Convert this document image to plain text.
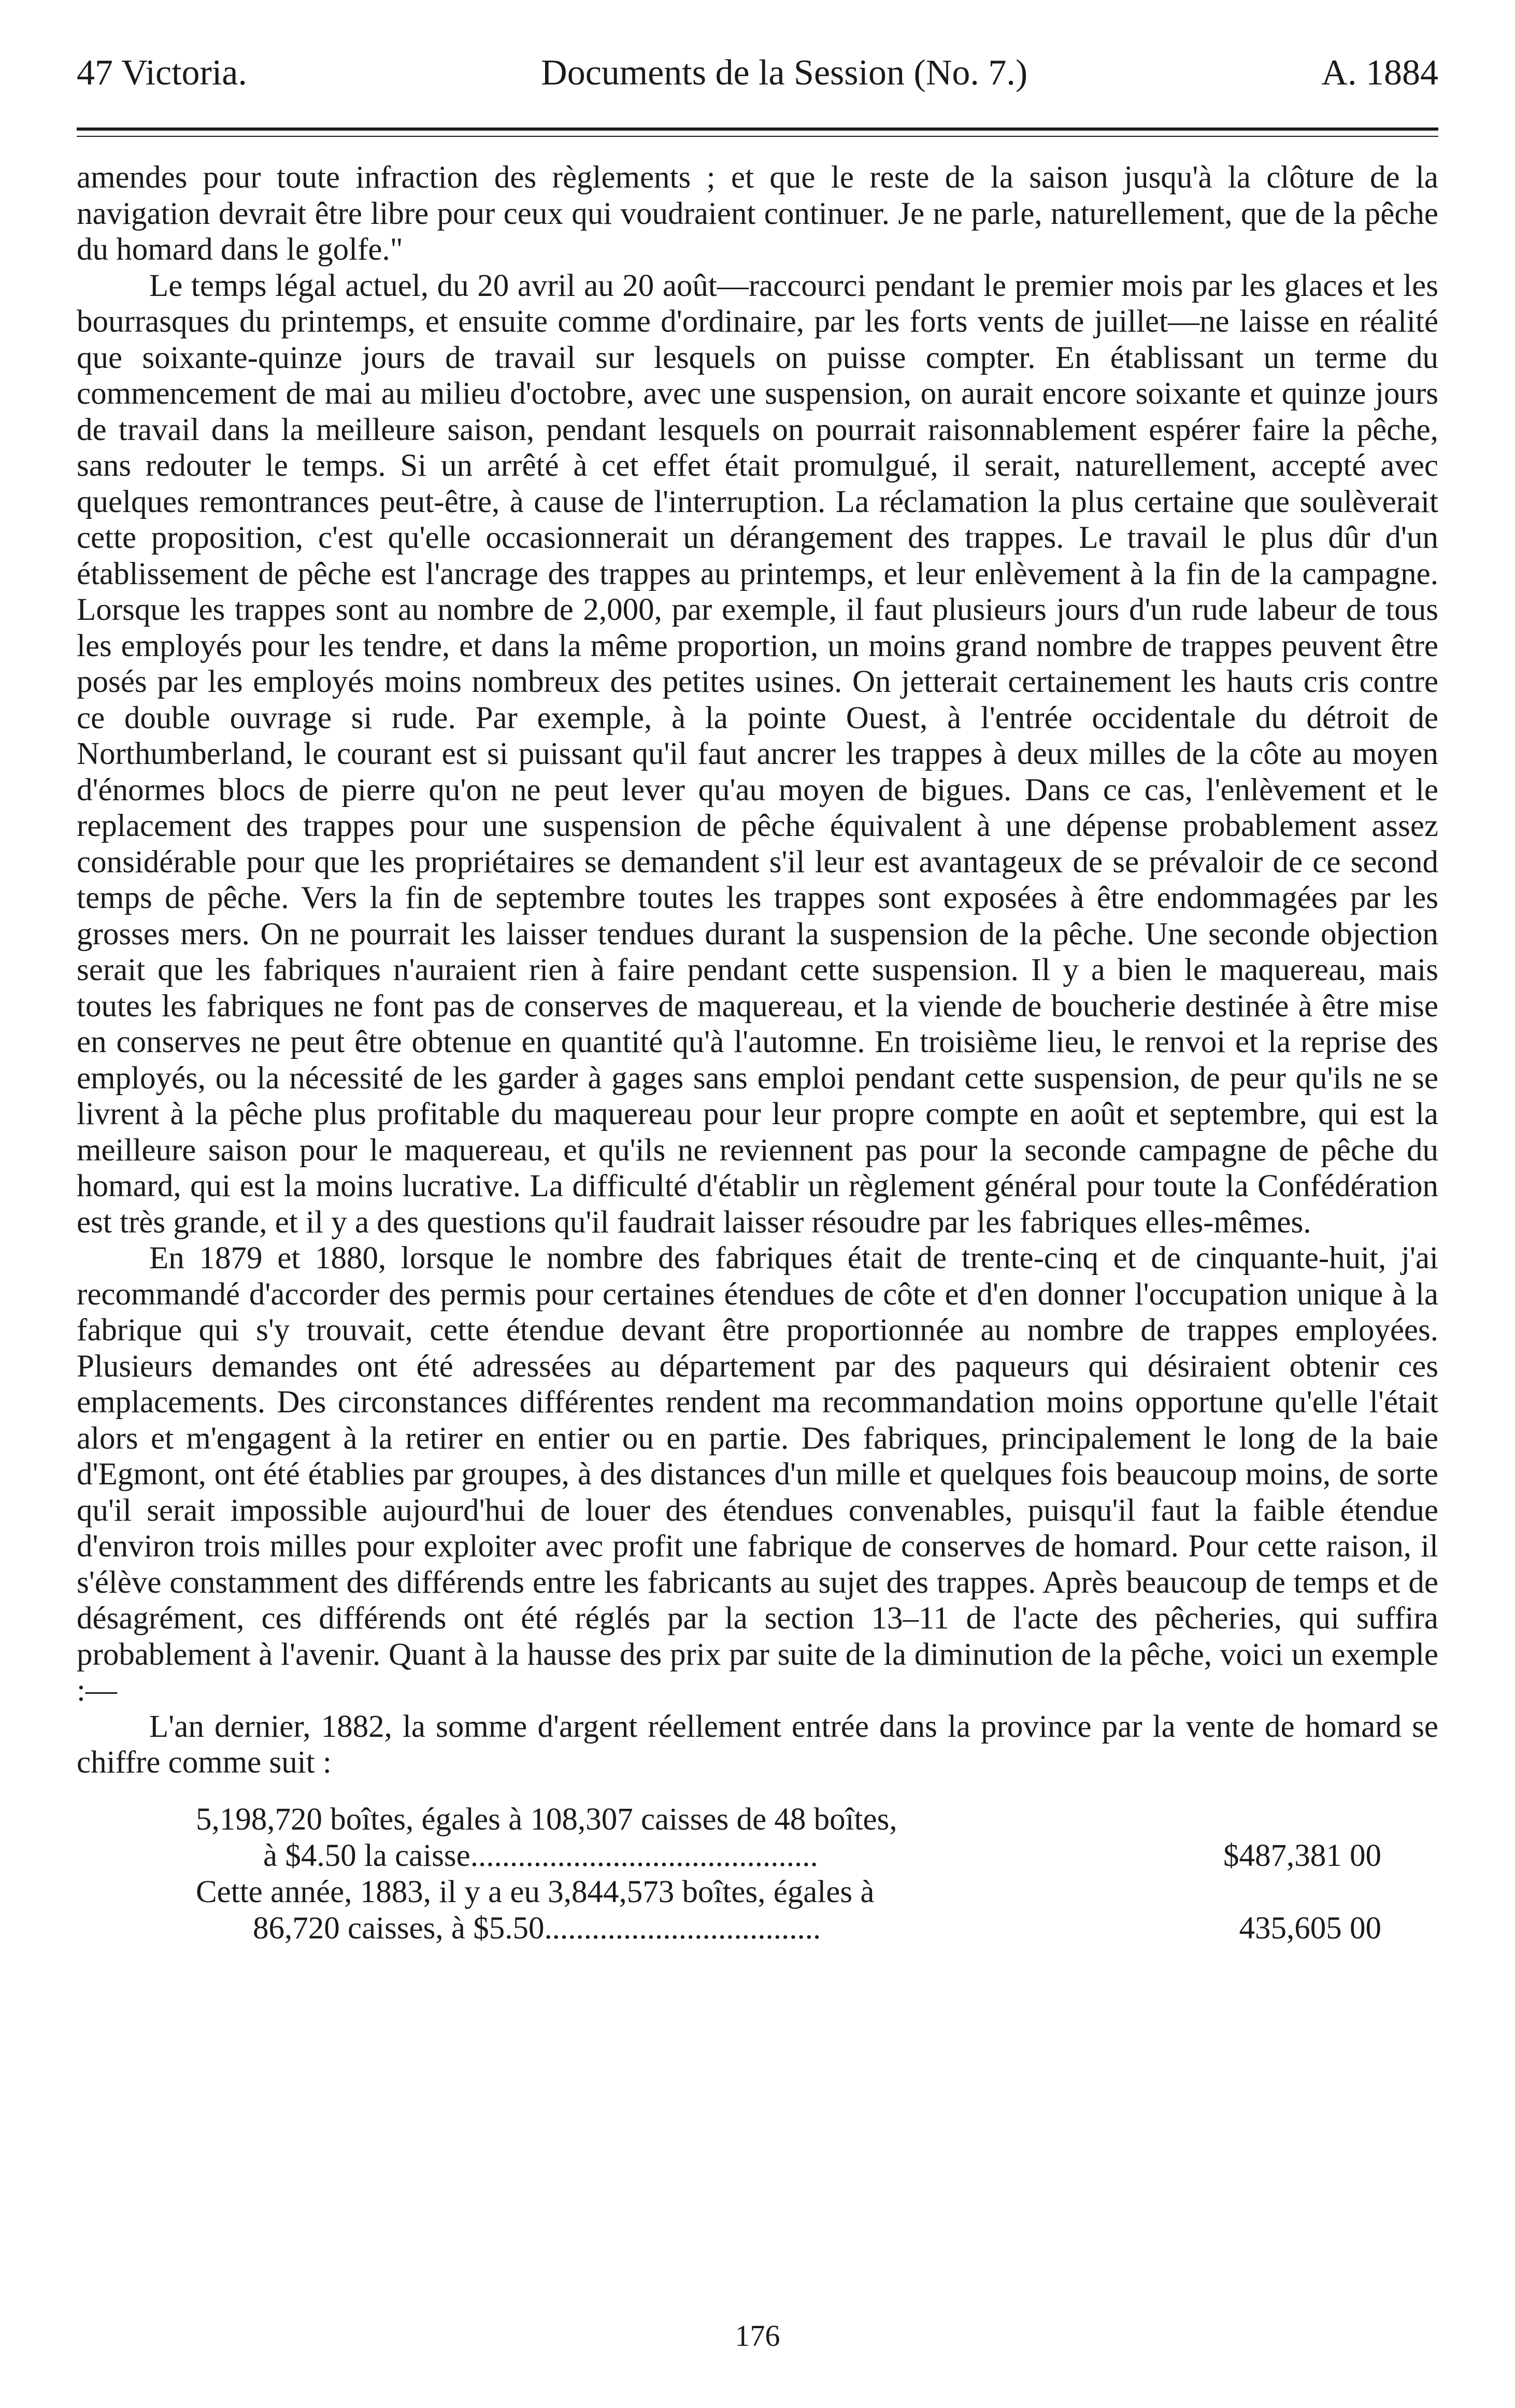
47 Victoria.	Documents de la Session (No. 7.)	A. 1884

amendes pour toute infraction des règlements ; et que le reste de la saison jusqu'à la clôture de la navigation devrait être libre pour ceux qui voudraient continuer. Je ne parle, naturellement, que de la pêche du homard dans le golfe."

Le temps légal actuel, du 20 avril au 20 août—raccourci pendant le premier mois par les glaces et les bourrasques du printemps, et ensuite comme d'ordinaire, par les forts vents de juillet—ne laisse en réalité que soixante-quinze jours de travail sur lesquels on puisse compter. En établissant un terme du commencement de mai au milieu d'octobre, avec une suspension, on aurait encore soixante et quinze jours de travail dans la meilleure saison, pendant lesquels on pourrait raisonnablement espérer faire la pêche, sans redouter le temps. Si un arrêté à cet effet était promulgué, il serait, naturellement, accepté avec quelques remontrances peut-être, à cause de l'interruption. La réclamation la plus certaine que soulèverait cette proposition, c'est qu'elle occasionnerait un dérangement des trappes. Le travail le plus dûr d'un établissement de pêche est l'ancrage des trappes au printemps, et leur enlèvement à la fin de la campagne. Lorsque les trappes sont au nombre de 2,000, par exemple, il faut plusieurs jours d'un rude labeur de tous les employés pour les tendre, et dans la même proportion, un moins grand nombre de trappes peuvent être posés par les employés moins nombreux des petites usines. On jetterait certainement les hauts cris contre ce double ouvrage si rude. Par exemple, à la pointe Ouest, à l'entrée occidentale du détroit de Northumberland, le courant est si puissant qu'il faut ancrer les trappes à deux milles de la côte au moyen d'énormes blocs de pierre qu'on ne peut lever qu'au moyen de bigues. Dans ce cas, l'enlèvement et le replacement des trappes pour une suspension de pêche équivalent à une dépense probablement assez considérable pour que les propriétaires se demandent s'il leur est avantageux de se prévaloir de ce second temps de pêche. Vers la fin de septembre toutes les trappes sont exposées à être endommagées par les grosses mers. On ne pourrait les laisser tendues durant la suspension de la pêche. Une seconde objection serait que les fabriques n'auraient rien à faire pendant cette suspension. Il y a bien le maquereau, mais toutes les fabriques ne font pas de conserves de maquereau, et la viende de boucherie destinée à être mise en conserves ne peut être obtenue en quantité qu'à l'automne. En troisième lieu, le renvoi et la reprise des employés, ou la nécessité de les garder à gages sans emploi pendant cette suspension, de peur qu'ils ne se livrent à la pêche plus profitable du maquereau pour leur propre compte en août et septembre, qui est la meilleure saison pour le maquereau, et qu'ils ne reviennent pas pour la seconde campagne de pêche du homard, qui est la moins lucrative. La difficulté d'établir un règlement général pour toute la Confédération est très grande, et il y a des questions qu'il faudrait laisser résoudre par les fabriques elles-mêmes.

En 1879 et 1880, lorsque le nombre des fabriques était de trente-cinq et de cinquante-huit, j'ai recommandé d'accorder des permis pour certaines étendues de côte et d'en donner l'occupation unique à la fabrique qui s'y trouvait, cette étendue devant être proportionnée au nombre de trappes employées. Plusieurs demandes ont été adressées au département par des paqueurs qui désiraient obtenir ces emplacements. Des circonstances différentes rendent ma recommandation moins opportune qu'elle l'était alors et m'engagent à la retirer en entier ou en partie. Des fabriques, principalement le long de la baie d'Egmont, ont été établies par groupes, à des distances d'un mille et quelques fois beaucoup moins, de sorte qu'il serait impossible aujourd'hui de louer des étendues convenables, puisqu'il faut la faible étendue d'environ trois milles pour exploiter avec profit une fabrique de conserves de homard. Pour cette raison, il s'élève constamment des différends entre les fabricants au sujet des trappes. Après beaucoup de temps et de désagrément, ces différends ont été réglés par la section 13–11 de l'acte des pêcheries, qui suffira probablement à l'avenir. Quant à la hausse des prix par suite de la diminution de la pêche, voici un exemple :—

L'an dernier, 1882, la somme d'argent réellement entrée dans la province par la vente de homard se chiffre comme suit :

5,198,720 boîtes, égales à 108,307 caisses de 48 boîtes,
à $4.50 la caisse............................................	$487,381 00
Cette année, 1883, il y a eu 3,844,573 boîtes, égales à
86,720 caisses, à $5.50...................................	435,605 00
176
